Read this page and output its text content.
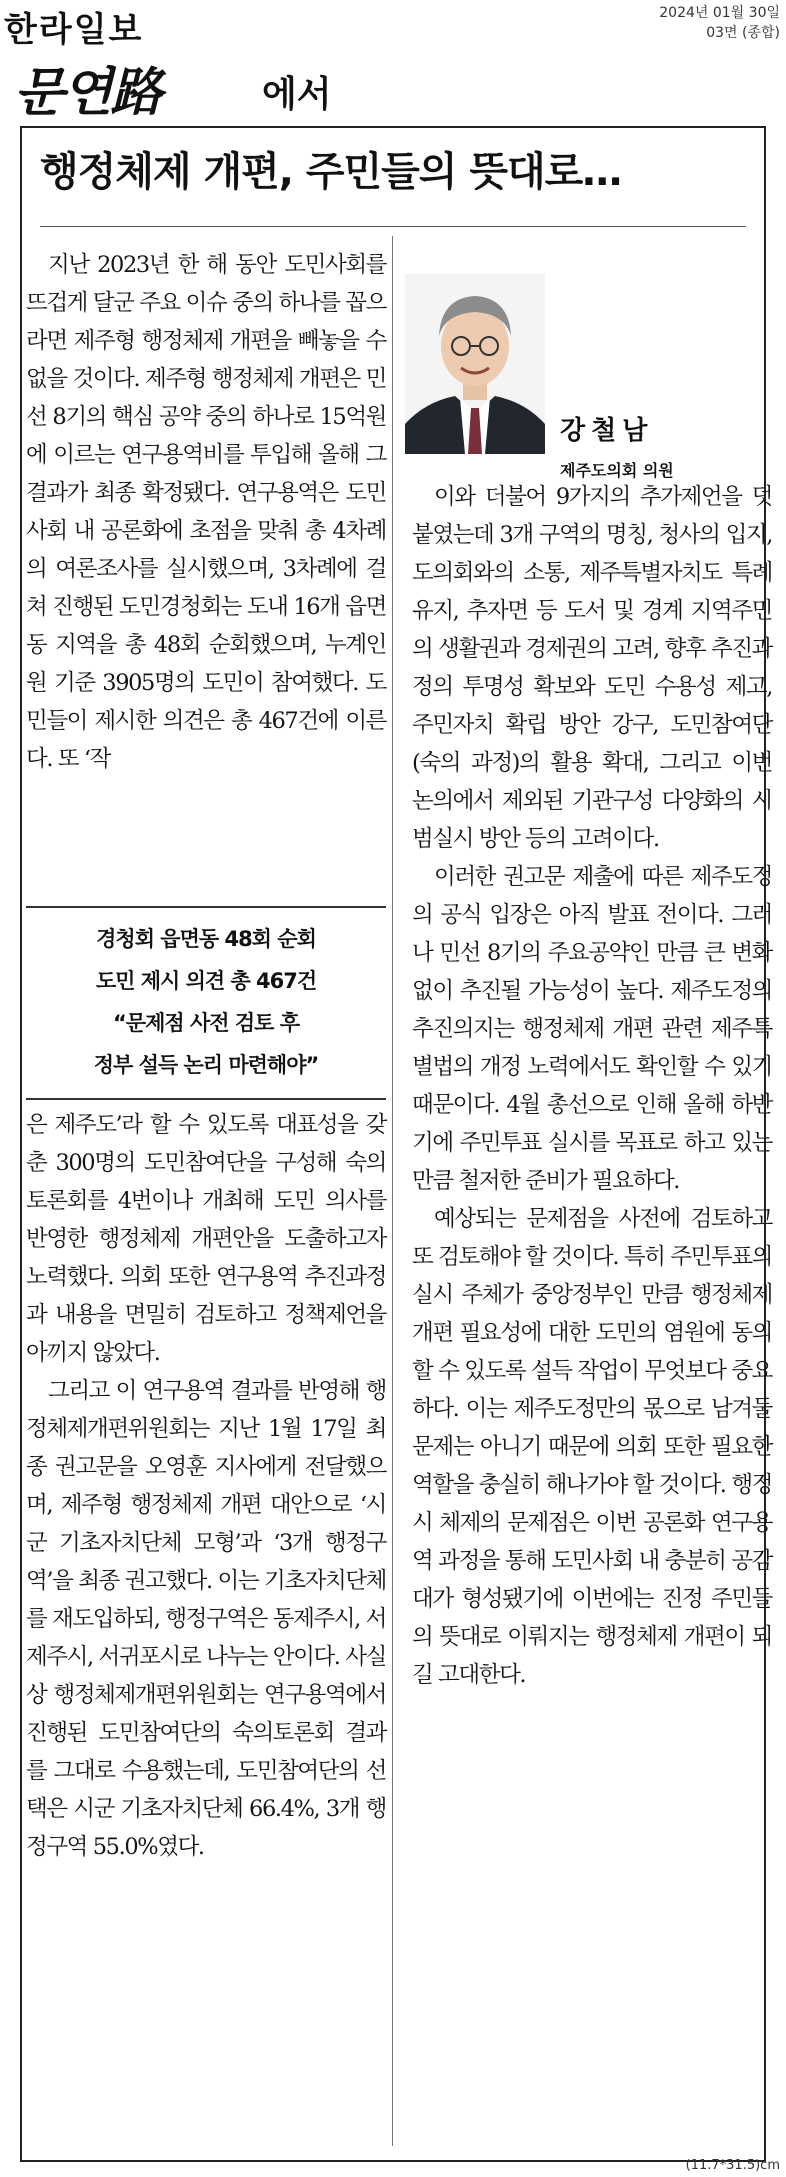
한라일보	2024년 01월 30일
03면 (종합)
문연路	에서
행정체제 개편, 주민들의 뜻대로…

지난 2023년 한 해 동안 도민사회를 뜨겁게 달군 주요 이슈 중의 하나를 꼽으라면 제주형 행정체제 개편을 빼놓을 수 없을 것이다. 제주형 행정체제 개편은 민선 8기의 핵심 공약 중의 하나로 15억원에 이르는 연구용역비를 투입해 올해 그 결과가 최종 확정됐다. 연구용역은 도민사회 내 공론화에 초점을 맞춰 총 4차례의 여론조사를 실시했으며, 3차례에 걸쳐 진행된 도민경청회는 도내 16개 읍면동 지역을 총 48회 순회했으며, 누계인원 기준 3905명의 도민이 참여했다. 도민들이 제시한 의견은 총 467건에 이른다. 또 ‘작

경청회 읍면동 48회 순회
도민 제시 의견 총 467건
“문제점 사전 검토 후
정부 설득 논리 마련해야”

은 제주도’라 할 수 있도록 대표성을 갖춘 300명의 도민참여단을 구성해 숙의 토론회를 4번이나 개최해 도민 의사를 반영한 행정체제 개편안을 도출하고자 노력했다. 의회 또한 연구용역 추진과정과 내용을 면밀히 검토하고 정책제언을 아끼지 않았다.

그리고 이 연구용역 결과를 반영해 행정체제개편위원회는 지난 1월 17일 최종 권고문을 오영훈 지사에게 전달했으며, 제주형 행정체제 개편 대안으로 ‘시군 기초자치단체 모형’과 ‘3개 행정구역’을 최종 권고했다. 이는 기초자치단체를 재도입하되, 행정구역은 동제주시, 서제주시, 서귀포시로 나누는 안이다. 사실상 행정체제개편위원회는 연구용역에서 진행된 도민참여단의 숙의토론회 결과를 그대로 수용했는데, 도민참여단의 선택은 시군 기초자치단체 66.4%, 3개 행정구역 55.0%였다.

강철남
제주도의회 의원

이와 더불어 9가지의 추가제언을 덧붙였는데 3개 구역의 명칭, 청사의 입지, 도의회와의 소통, 제주특별자치도 특례 유지, 추자면 등 도서 및 경계 지역주민의 생활권과 경제권의 고려, 향후 추진과정의 투명성 확보와 도민 수용성 제고, 주민자치 확립 방안 강구, 도민참여단(숙의 과정)의 활용 확대, 그리고 이번 논의에서 제외된 기관구성 다양화의 시범실시 방안 등의 고려이다.

이러한 권고문 제출에 따른 제주도정의 공식 입장은 아직 발표 전이다. 그러나 민선 8기의 주요공약인 만큼 큰 변화없이 추진될 가능성이 높다. 제주도정의 추진의지는 행정체제 개편 관련 제주특별법의 개정 노력에서도 확인할 수 있기 때문이다. 4월 총선으로 인해 올해 하반기에 주민투표 실시를 목표로 하고 있는 만큼 철저한 준비가 필요하다.

예상되는 문제점을 사전에 검토하고 또 검토해야 할 것이다. 특히 주민투표의 실시 주체가 중앙정부인 만큼 행정체제 개편 필요성에 대한 도민의 염원에 동의할 수 있도록 설득 작업이 무엇보다 중요하다. 이는 제주도정만의 몫으로 남겨둘 문제는 아니기 때문에 의회 또한 필요한 역할을 충실히 해나가야 할 것이다. 행정시 체제의 문제점은 이번 공론화 연구용역 과정을 통해 도민사회 내 충분히 공감대가 형성됐기에 이번에는 진정 주민들의 뜻대로 이뤄지는 행정체제 개편이 되길 고대한다.

(11.7*31.5)cm
